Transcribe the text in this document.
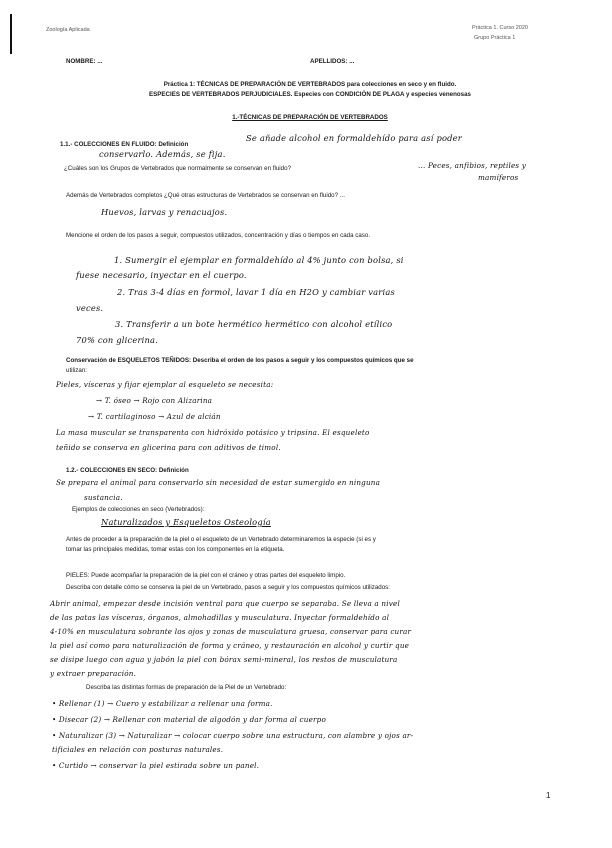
Zoología Aplicada	Práctica 1. Curso 2020
Grupo Práctica 1
NOMBRE: ...	APELLIDOS: ...
Práctica 1: TÉCNICAS DE PREPARACIÓN DE VERTEBRADOS para colecciones en seco y en fluido.
ESPECIES DE VERTEBRADOS PERJUDICIALES. Especies con CONDICIÓN DE PLAGA y especies venenosas
1.-TÉCNICAS DE PREPARACIÓN DE VERTEBRADOS
1.1.- COLECCIONES EN FLUIDO: Definición
Se añade alcohol en formaldehído para así poder
conservarlo. Además, se fija.
¿Cuáles son los Grupos de Vertebrados que normalmente se conservan en fluido?	... Peces, anfibios, reptiles y
mamíferos
Además de Vertebrados completos ¿Qué otras estructuras de Vertebrados se conservan en fluido? ...
Huevos, larvas y renacuajos.
Mencione el orden de los pasos a seguir, compuestos utilizados, concentración y días o tiempos en cada caso.
1. Sumergir el ejemplar en formaldehído al 4% junto con bolsa, si
fuese necesario, inyectar en el cuerpo.
2. Tras 3-4 días en formol, lavar 1 día en H2O y cambiar varias
veces.
3. Transferir a un bote hermético hermético con alcohol etílico
70% con glicerina.
Conservación de ESQUELETOS TEÑIDOS: Describa el orden de los pasos a seguir y los compuestos químicos que se
utilizan:
Pieles, vísceras y fijar ejemplar al esqueleto se necesita:
→ T. óseo → Rojo con Alizarina
→ T. cartilaginoso → Azul de alcián
La masa muscular se transparenta con hidróxido potásico y tripsina. El esqueleto
teñido se conserva en glicerina para con aditivos de timol.
1.2.- COLECCIONES EN SECO: Definición
Se prepara el animal para conservarlo sin necesidad de estar sumergido en ninguna
sustancia.
Ejemplos de colecciones en seco (Vertebrados):
Naturalizados y Esqueletos Osteología
Antes de proceder a la preparación de la piel o el esqueleto de un Vertebrado determinaremos la especie (si es y
tomar las principales medidas, tomar estas con los componentes en la etiqueta.
PIELES: Puede acompañar la preparación de la piel con el cráneo y otras partes del esqueleto limpio.
Describa con detalle cómo se conserva la piel de un Vertebrado, pasos a seguir y los compuestos químicos utilizados:
Abrir animal, empezar desde incisión ventral para que cuerpo se separaba. Se lleva a nivel
de las patas las vísceras, órganos, almohadillas y musculatura. Inyectar formaldehído al
4-10% en musculatura sobrante los ojos y zonas de musculatura gruesa, conservar para curar
la piel así como para naturalización de forma y cráneo, y restauración en alcohol y curtir que
se disipe luego con agua y jabón la piel con bórax semi-mineral, los restos de musculatura
y extraer preparación.
Describa las distintas formas de preparación de la Piel de un Vertebrado:
• Rellenar (1) → Cuero y estabilizar a rellenar una forma.
• Disecar (2) → Rellenar con material de algodón y dar forma al cuerpo
• Naturalizar (3) → Naturalizar → colocar cuerpo sobre una estructura, con alambre y ojos ar-
tificiales en relación con posturas naturales.
• Curtido → conservar la piel estirada sobre un panel.
1
